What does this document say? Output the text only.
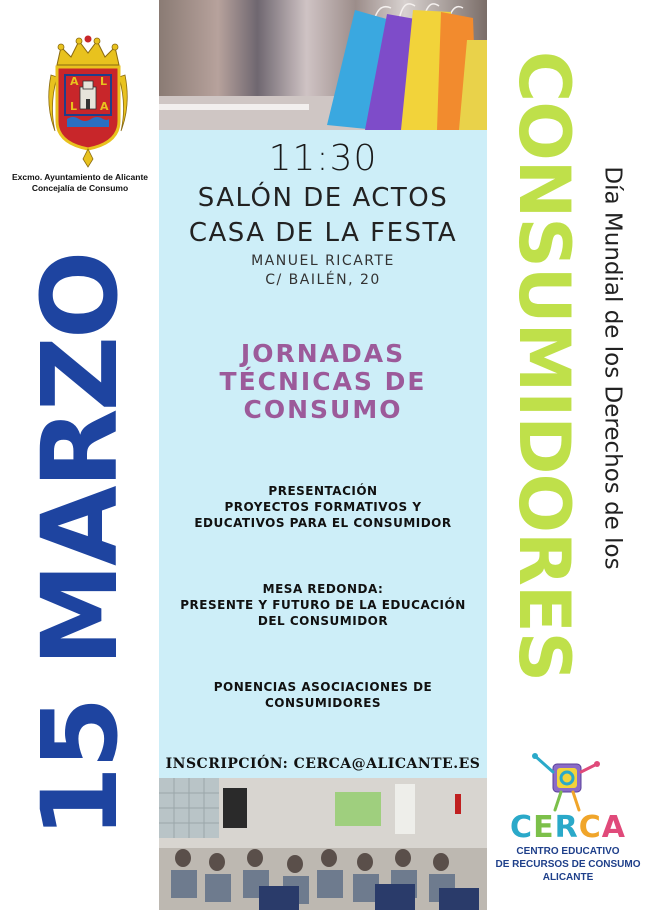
A L
L A
Excmo. Ayuntamiento de Alicante
Concejalía de Consumo
15 MARZO
11:30
SALÓN DE ACTOS
CASA DE LA FESTA
MANUEL RICARTE
C/ BAILÉN, 20
JORNADAS
TÉCNICAS DE
CONSUMO
PRESENTACIÓN
PROYECTOS FORMATIVOS Y
EDUCATIVOS PARA EL CONSUMIDOR
MESA REDONDA:
PRESENTE Y FUTURO DE LA EDUCACIÓN
DEL CONSUMIDOR
PONENCIAS ASOCIACIONES DE
CONSUMIDORES
INSCRIPCIÓN: CERCA@ALICANTE.ES
CONSUMIDORES Día Mundial de los Derechos de los
CERCA
CENTRO EDUCATIVO
DE RECURSOS DE CONSUMO
ALICANTE
